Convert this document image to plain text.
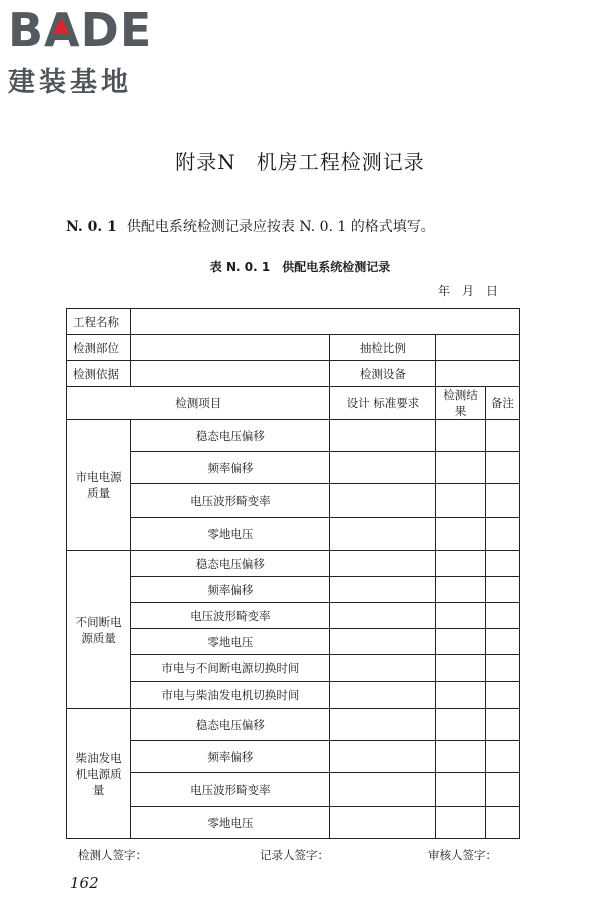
BADE
建装基地
附录N　机房工程检测记录
N. 0. 1 供配电系统检测记录应按表 N. 0. 1 的格式填写。
表 N. 0. 1　供配电系统检测记录
年月日
工程名称				
检测部位		抽检比例		
检测依据		检测设备		
检测项目		设计 标准要求	检测结果	备注
市电电源质量	稳态电压偏移			
	频率偏移			
	电压波形畸变率			
	零地电压			
不间断电源质量	稳态电压偏移			
	频率偏移			
	电压波形畸变率			
	零地电压			
	市电与不间断电源切换时间			
	市电与柴油发电机切换时间			
柴油发电机电源质量	稳态电压偏移			
	频率偏移			
	电压波形畸变率			
	零地电压			
检测人签字：	记录人签字：	审核人签字：
162
